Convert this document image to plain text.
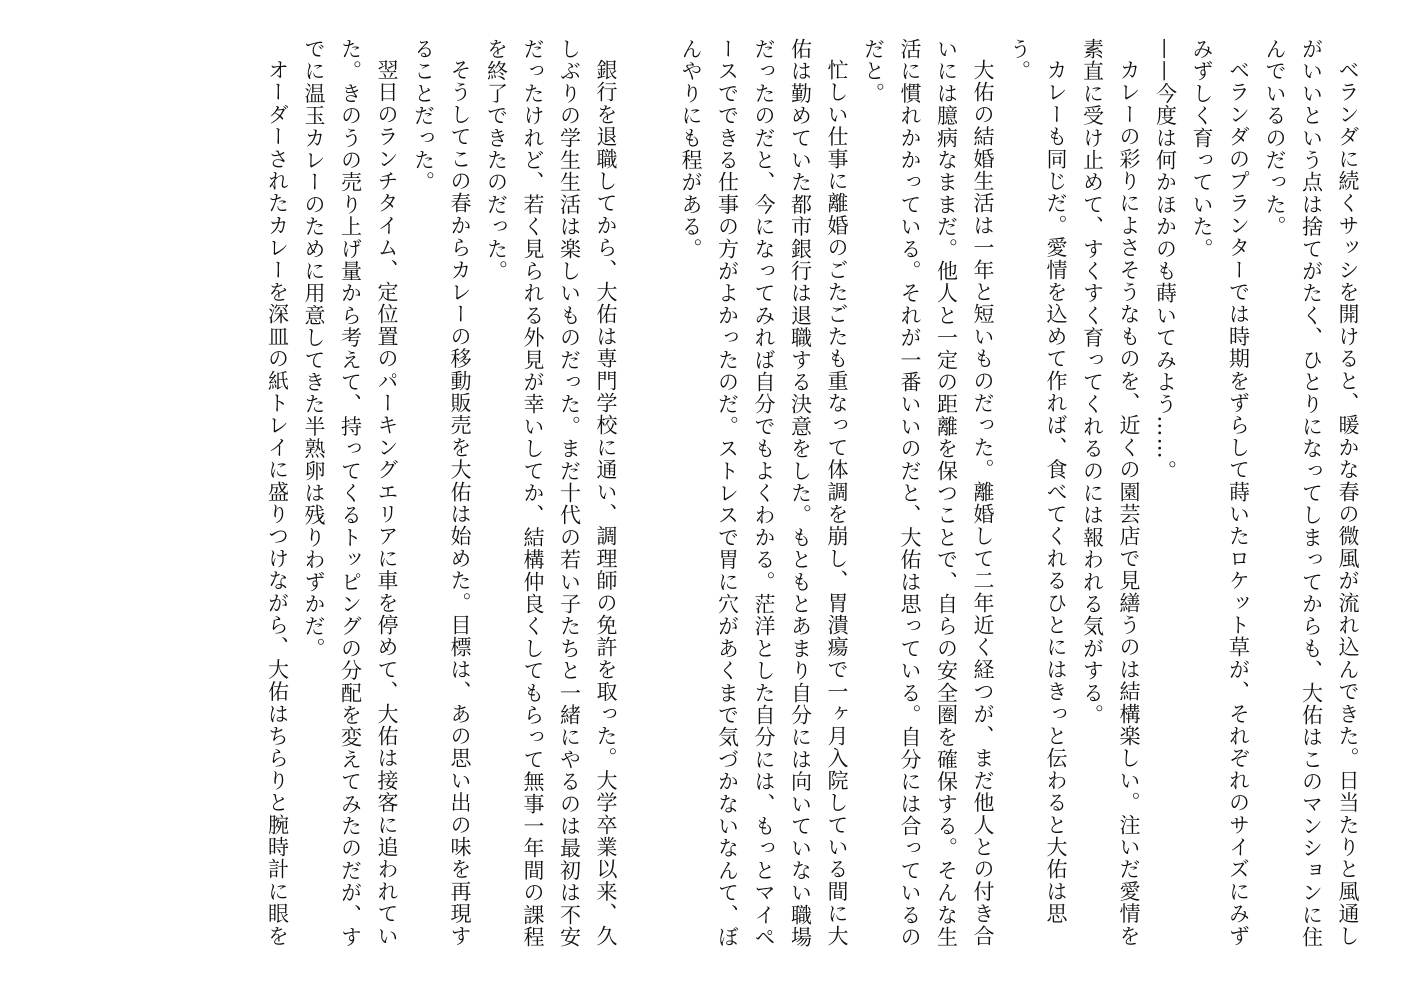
ベランダに続くサッシを開けると、暖かな春の微風が流れ込んできた。日当たりと風通しがいいという点は捨てがたく、ひとりになってしまってからも、大佑はこのマンションに住んでいるのだった。

ベランダのプランターでは時期をずらして蒔いたロケット草が、それぞれのサイズにみずみずしく育っていた。

——今度は何かほかのも蒔いてみよう……。

カレーの彩りによさそうなものを、近くの園芸店で見繕うのは結構楽しい。注いだ愛情を素直に受け止めて、すくすく育ってくれるのには報われる気がする。

カレーも同じだ。愛情を込めて作れば、食べてくれるひとにはきっと伝わると大佑は思う。

大佑の結婚生活は一年と短いものだった。離婚して二年近く経つが、まだ他人との付き合いには臆病なままだ。他人と一定の距離を保つことで、自らの安全圏を確保する。そんな生活に慣れかかっている。それが一番いいのだと、大佑は思っている。自分には合っているのだと。

忙しい仕事に離婚のごたごたも重なって体調を崩し、胃潰瘍で一ヶ月入院している間に大佑は勤めていた都市銀行は退職する決意をした。もともとあまり自分には向いていない職場だったのだと、今になってみれば自分でもよくわかる。茫洋とした自分には、もっとマイペースでできる仕事の方がよかったのだ。ストレスで胃に穴があくまで気づかないなんて、ぼんやりにも程がある。

銀行を退職してから、大佑は専門学校に通い、調理師の免許を取った。大学卒業以来、久しぶりの学生生活は楽しいものだった。まだ十代の若い子たちと一緒にやるのは最初は不安だったけれど、若く見られる外見が幸いしてか、結構仲良くしてもらって無事一年間の課程を終了できたのだった。

そうしてこの春からカレーの移動販売を大佑は始めた。目標は、あの思い出の味を再現することだった。

翌日のランチタイム、定位置のパーキングエリアに車を停めて、大佑は接客に追われていた。きのうの売り上げ量から考えて、持ってくるトッピングの分配を変えてみたのだが、すでに温玉カレーのために用意してきた半熟卵は残りわずかだ。

オーダーされたカレーを深皿の紙トレイに盛りつけながら、大佑はちらりと腕時計に眼を
